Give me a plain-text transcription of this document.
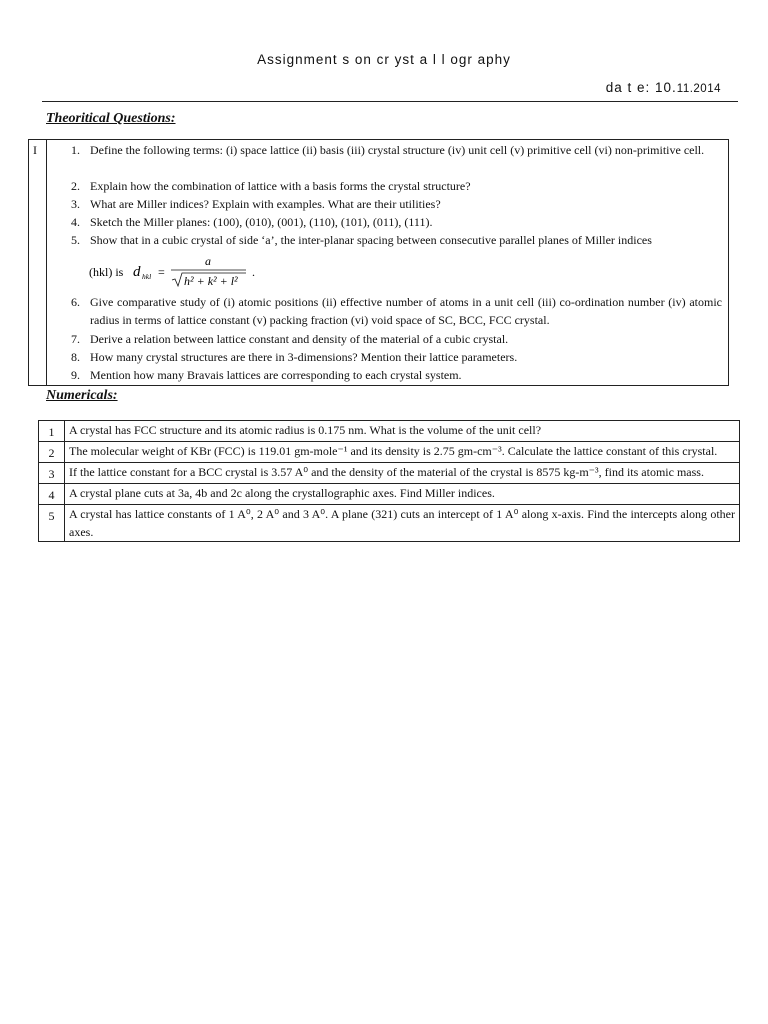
Assignment s on cr yst a l l ogr aphy
da t e: 10.11.2014
Theoritical Questions:
I	1. Define the following terms: (i) space lattice (ii) basis (iii) crystal structure (iv) unit cell (v) primitive cell (vi) non-primitive cell.
2. Explain how the combination of lattice with a basis forms the crystal structure?
3. What are Miller indices? Explain with examples. What are their utilities?
4. Sketch the Miller planes: (100), (010), (001), (110), (101), (011), (111).
5. Show that in a cubic crystal of side ‘a’, the inter-planar spacing between consecutive parallel planes of Miller indices
(hkl) is d hkl =
a
h² + k² + l²
.
6. Give comparative study of (i) atomic positions (ii) effective number of atoms in a unit cell (iii) co-ordination number (iv) atomic radius in terms of lattice constant (v) packing fraction (vi) void space of SC, BCC, FCC crystal.
7. Derive a relation between lattice constant and density of the material of a cubic crystal.
8. How many crystal structures are there in 3-dimensions? Mention their lattice parameters.
9. Mention how many Bravais lattices are corresponding to each crystal system.
Numericals:
1	A crystal has FCC structure and its atomic radius is 0.175 nm. What is the volume of the unit cell?
2	The molecular weight of KBr (FCC) is 119.01 gm-mole⁻¹ and its density is 2.75 gm-cm⁻³. Calculate the lattice constant of this crystal.
3	If the lattice constant for a BCC crystal is 3.57 A⁰ and the density of the material of the crystal is 8575 kg-m⁻³, find its atomic mass.
4	A crystal plane cuts at 3a, 4b and 2c along the crystallographic axes. Find Miller indices.
5	A crystal has lattice constants of 1 A⁰, 2 A⁰ and 3 A⁰. A plane (321) cuts an intercept of 1 A⁰ along x-axis. Find the intercepts along other axes.
